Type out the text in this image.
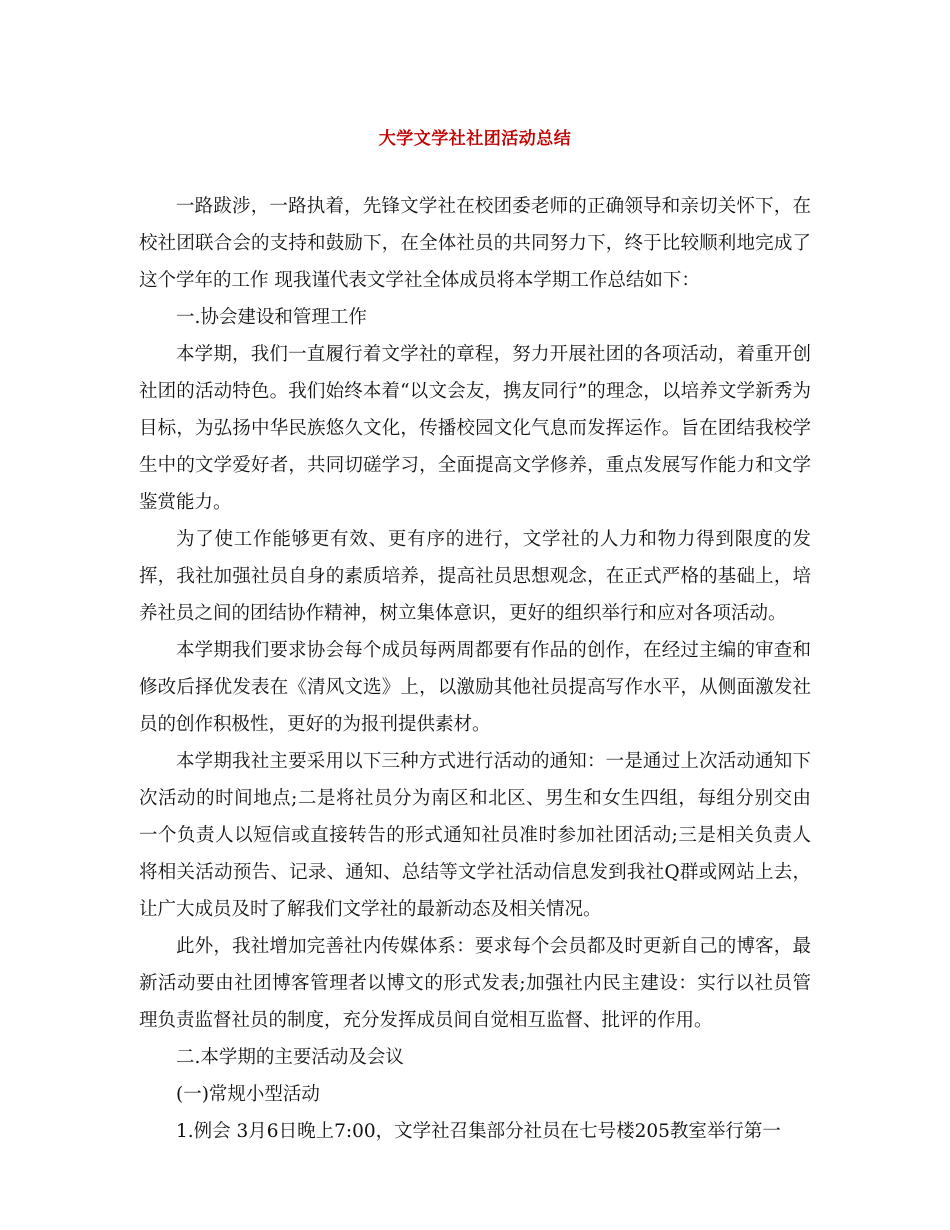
大学文学社社团活动总结

一路跋涉，一路执着，先锋文学社在校团委老师的正确领导和亲切关怀下，在校社团联合会的支持和鼓励下，在全体社员的共同努力下，终于比较顺利地完成了这个学年的工作 现我谨代表文学社全体成员将本学期工作总结如下：

一.协会建设和管理工作

本学期，我们一直履行着文学社的章程，努力开展社团的各项活动，着重开创社团的活动特色。我们始终本着“以文会友，携友同行”的理念，以培养文学新秀为目标，为弘扬中华民族悠久文化，传播校园文化气息而发挥运作。旨在团结我校学生中的文学爱好者，共同切磋学习，全面提高文学修养，重点发展写作能力和文学鉴赏能力。

为了使工作能够更有效、更有序的进行，文学社的人力和物力得到限度的发挥，我社加强社员自身的素质培养，提高社员思想观念，在正式严格的基础上，培养社员之间的团结协作精神，树立集体意识，更好的组织举行和应对各项活动。

本学期我们要求协会每个成员每两周都要有作品的创作，在经过主编的审查和修改后择优发表在《清风文选》上，以激励其他社员提高写作水平，从侧面激发社员的创作积极性，更好的为报刊提供素材。

本学期我社主要采用以下三种方式进行活动的通知：一是通过上次活动通知下次活动的时间地点;二是将社员分为南区和北区、男生和女生四组，每组分别交由一个负责人以短信或直接转告的形式通知社员准时参加社团活动;三是相关负责人将相关活动预告、记录、通知、总结等文学社活动信息发到我社Q群或网站上去，让广大成员及时了解我们文学社的最新动态及相关情况。

此外，我社增加完善社内传媒体系：要求每个会员都及时更新自己的博客，最新活动要由社团博客管理者以博文的形式发表;加强社内民主建设：实行以社员管理负责监督社员的制度，充分发挥成员间自觉相互监督、批评的作用。

二.本学期的主要活动及会议

(一)常规小型活动

1.例会 3月6日晚上7:00，文学社召集部分社员在七号楼205教室举行第一
